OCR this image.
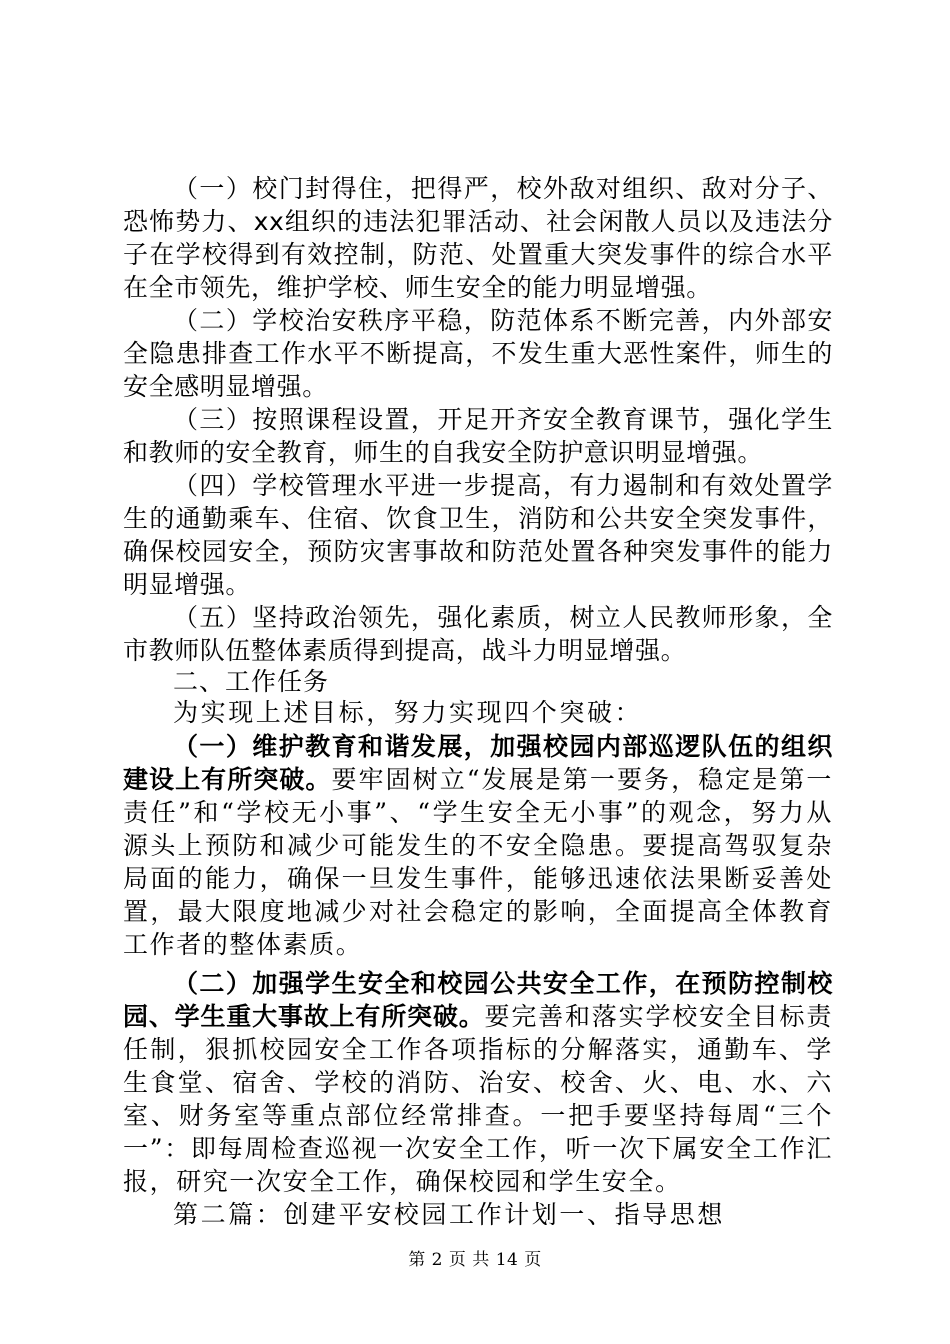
（一）校门封得住，把得严，校外敌对组织、敌对分子、恐怖势力、xx组织的违法犯罪活动、社会闲散人员以及违法分子在学校得到有效控制，防范、处置重大突发事件的综合水平在全市领先，维护学校、师生安全的能力明显增强。

（二）学校治安秩序平稳，防范体系不断完善，内外部安全隐患排查工作水平不断提高，不发生重大恶性案件，师生的安全感明显增强。

（三）按照课程设置，开足开齐安全教育课节，强化学生和教师的安全教育，师生的自我安全防护意识明显增强。

（四）学校管理水平进一步提高，有力遏制和有效处置学生的通勤乘车、住宿、饮食卫生，消防和公共安全突发事件，确保校园安全，预防灾害事故和防范处置各种突发事件的能力明显增强。

（五）坚持政治领先，强化素质，树立人民教师形象，全市教师队伍整体素质得到提高，战斗力明显增强。

二、工作任务

为实现上述目标，努力实现四个突破：

（一）维护教育和谐发展，加强校园内部巡逻队伍的组织建设上有所突破。要牢固树立“发展是第一要务，稳定是第一责任”和“学校无小事”、“学生安全无小事”的观念，努力从源头上预防和减少可能发生的不安全隐患。要提高驾驭复杂局面的能力，确保一旦发生事件，能够迅速依法果断妥善处置，最大限度地减少对社会稳定的影响，全面提高全体教育工作者的整体素质。

（二）加强学生安全和校园公共安全工作，在预防控制校园、学生重大事故上有所突破。要完善和落实学校安全目标责任制，狠抓校园安全工作各项指标的分解落实，通勤车、学生食堂、宿舍、学校的消防、治安、校舍、火、电、水、六室、财务室等重点部位经常排查。一把手要坚持每周“三个一”：即每周检查巡视一次安全工作，听一次下属安全工作汇报，研究一次安全工作，确保校园和学生安全。

第二篇：创建平安校园工作计划一、指导思想

第 2 页 共 14 页
